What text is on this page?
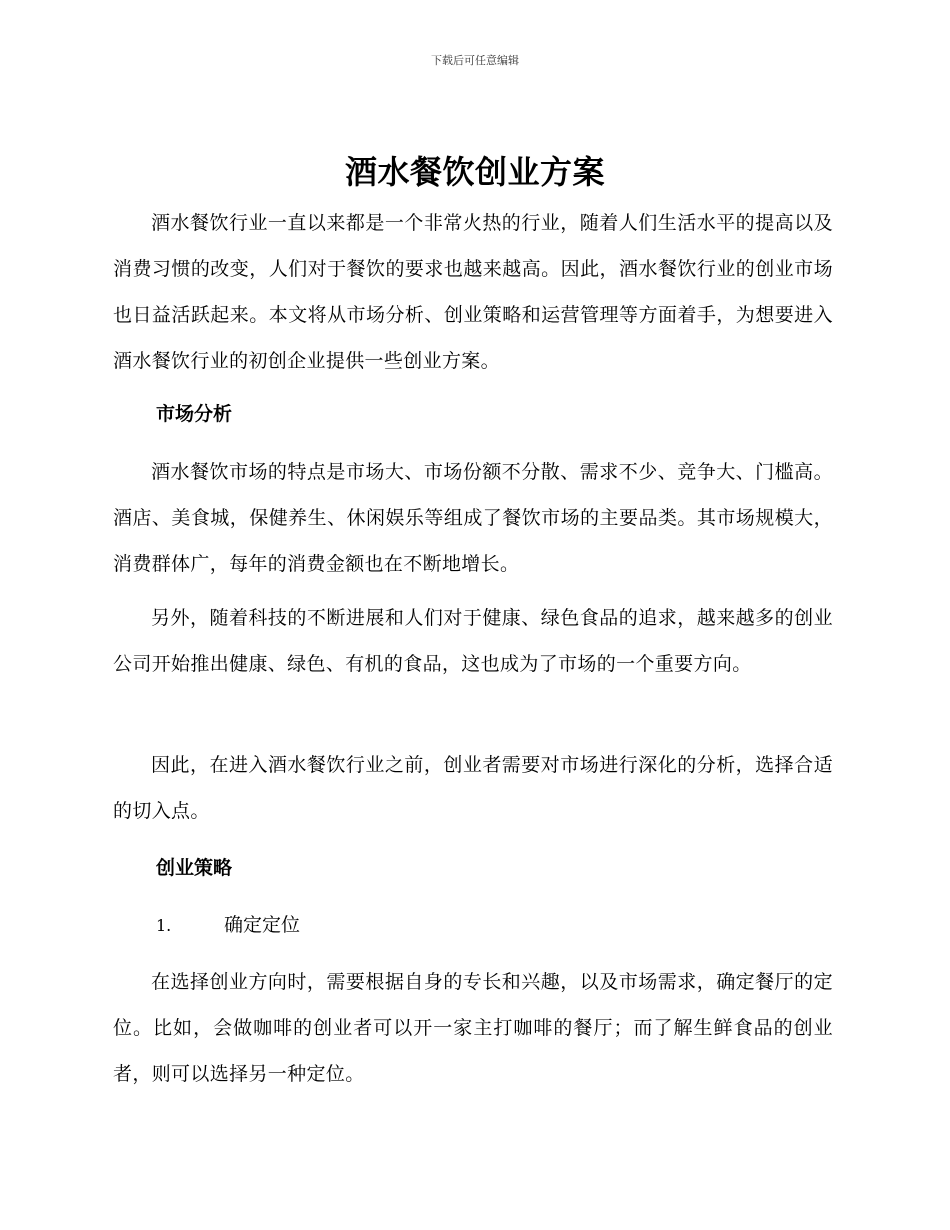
下载后可任意编辑
酒水餐饮创业方案

酒水餐饮行业一直以来都是一个非常火热的行业，随着人们生活水平的提高以及消费习惯的改变，人们对于餐饮的要求也越来越高。因此，酒水餐饮行业的创业市场也日益活跃起来。本文将从市场分析、创业策略和运营管理等方面着手，为想要进入酒水餐饮行业的初创企业提供一些创业方案。

市场分析

酒水餐饮市场的特点是市场大、市场份额不分散、需求不少、竞争大、门槛高。酒店、美食城，保健养生、休闲娱乐等组成了餐饮市场的主要品类。其市场规模大，消费群体广，每年的消费金额也在不断地增长。

另外，随着科技的不断进展和人们对于健康、绿色食品的追求，越来越多的创业公司开始推出健康、绿色、有机的食品，这也成为了市场的一个重要方向。

因此，在进入酒水餐饮行业之前，创业者需要对市场进行深化的分析，选择合适的切入点。

创业策略
1.	确定定位

在选择创业方向时，需要根据自身的专长和兴趣，以及市场需求，确定餐厅的定位。比如，会做咖啡的创业者可以开一家主打咖啡的餐厅；而了解生鲜食品的创业者，则可以选择另一种定位。
